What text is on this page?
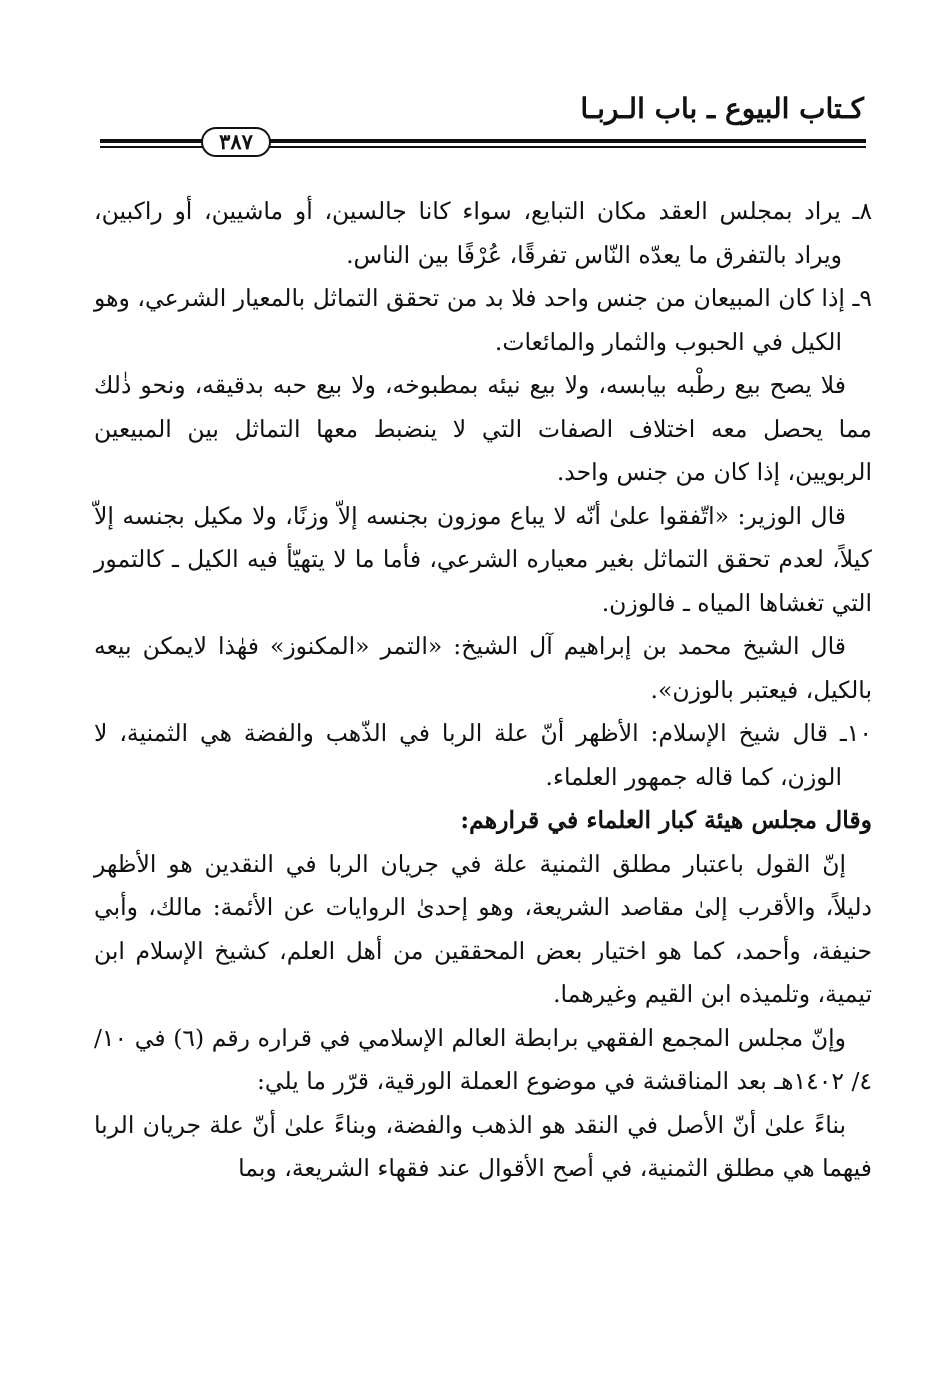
كـتاب البيوع ـ باب الـربـا
٣٨٧

٨ـ يراد بمجلس العقد مكان التبايع، سواء كانا جالسين، أو ماشيين، أو راكبين، ويراد بالتفرق ما يعدّه النّاس تفرقًا، عُرْفًا بين الناس.

٩ـ إذا كان المبيعان من جنس واحد فلا بد من تحقق التماثل بالمعيار الشرعي، وهو الكيل في الحبوب والثمار والمائعات.

فلا يصح بيع رطْبه بيابسه، ولا بيع نيئه بمطبوخه، ولا بيع حبه بدقيقه، ونحو ذٰلك مما يحصل معه اختلاف الصفات التي لا ينضبط معها التماثل بين المبيعين الربويين، إذا كان من جنس واحد.

قال الوزير: «اتّفقوا علىٰ أنّه لا يباع موزون بجنسه إلاّ وزنًا، ولا مكيل بجنسه إلاّ كيلاً، لعدم تحقق التماثل بغير معياره الشرعي، فأما ما لا يتهيّأ فيه الكيل ـ كالتمور التي تغشاها المياه ـ فالوزن.

قال الشيخ محمد بن إبراهيم آل الشيخ: «التمر «المكنوز» فهٰذا لايمكن بيعه بالكيل، فيعتبر بالوزن».

١٠ـ قال شيخ الإسلام: الأظهر أنّ علة الربا في الذّهب والفضة هي الثمنية، لا الوزن، كما قاله جمهور العلماء.

وقال مجلس هيئة كبار العلماء في قرارهم:

إنّ القول باعتبار مطلق الثمنية علة في جريان الربا في النقدين هو الأظهر دليلاً، والأقرب إلىٰ مقاصد الشريعة، وهو إحدىٰ الروايات عن الأئمة: مالك، وأبي حنيفة، وأحمد، كما هو اختيار بعض المحققين من أهل العلم، كشيخ الإسلام ابن تيمية، وتلميذه ابن القيم وغيرهما.

وإنّ مجلس المجمع الفقهي برابطة العالم الإسلامي في قراره رقم (٦) في ١٠/ ٤/ ١٤٠٢هـ بعد المناقشة في موضوع العملة الورقية، قرّر ما يلي:

بناءً علىٰ أنّ الأصل في النقد هو الذهب والفضة، وبناءً علىٰ أنّ علة جريان الربا فيهما هي مطلق الثمنية، في أصح الأقوال عند فقهاء الشريعة، وبما
